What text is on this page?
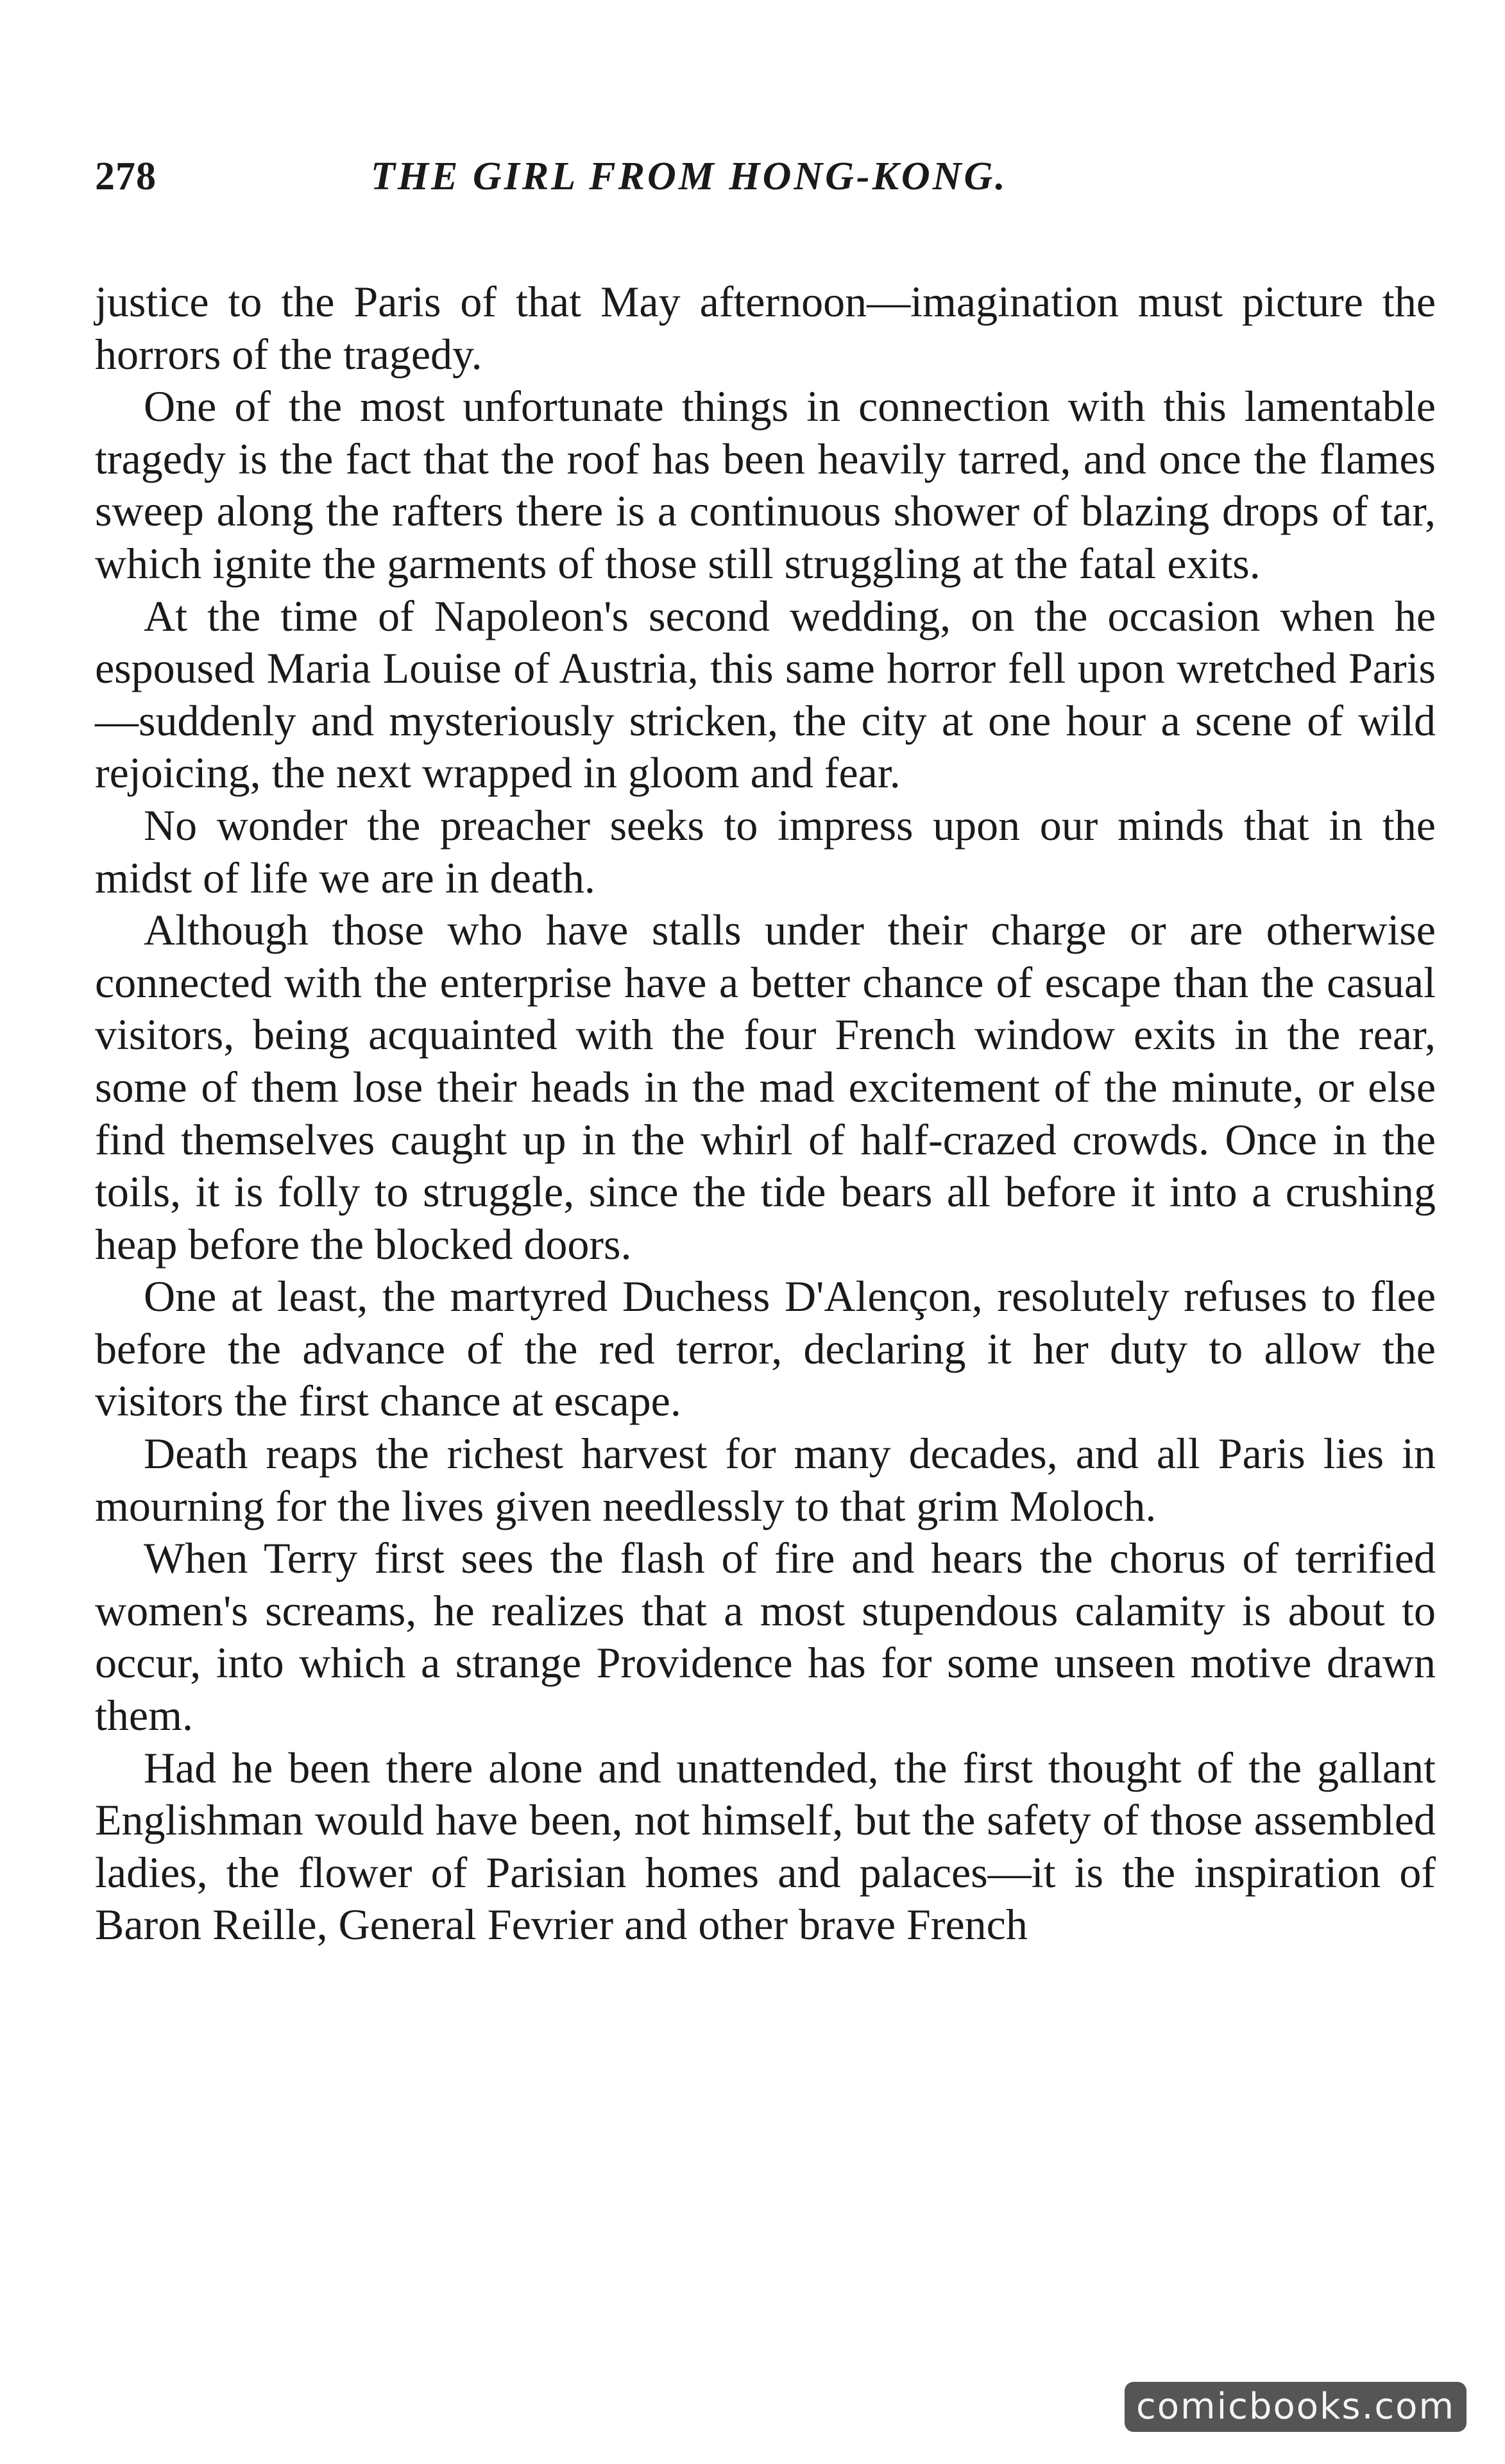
278	THE GIRL FROM HONG-KONG.

justice to the Paris of that May afternoon—imagination must picture the horrors of the tragedy.

One of the most unfortunate things in connection with this lamentable tragedy is the fact that the roof has been heavily tarred, and once the flames sweep along the rafters there is a continuous shower of blazing drops of tar, which ignite the garments of those still struggling at the fatal exits.

At the time of Napoleon's second wedding, on the occasion when he espoused Maria Louise of Austria, this same horror fell upon wretched Paris—suddenly and mysteriously stricken, the city at one hour a scene of wild rejoicing, the next wrapped in gloom and fear.

No wonder the preacher seeks to impress upon our minds that in the midst of life we are in death.

Although those who have stalls under their charge or are otherwise connected with the enterprise have a better chance of escape than the casual visitors, being acquainted with the four French window exits in the rear, some of them lose their heads in the mad excitement of the minute, or else find themselves caught up in the whirl of half-crazed crowds. Once in the toils, it is folly to struggle, since the tide bears all before it into a crushing heap before the blocked doors.

One at least, the martyred Duchess D'Alençon, resolutely refuses to flee before the advance of the red terror, declaring it her duty to allow the visitors the first chance at escape.

Death reaps the richest harvest for many decades, and all Paris lies in mourning for the lives given needlessly to that grim Moloch.

When Terry first sees the flash of fire and hears the chorus of terrified women's screams, he realizes that a most stupendous calamity is about to occur, into which a strange Providence has for some unseen motive drawn them.

Had he been there alone and unattended, the first thought of the gallant Englishman would have been, not himself, but the safety of those assembled ladies, the flower of Parisian homes and palaces—it is the inspiration of Baron Reille, General Fevrier and other brave French

comicbooks.com
